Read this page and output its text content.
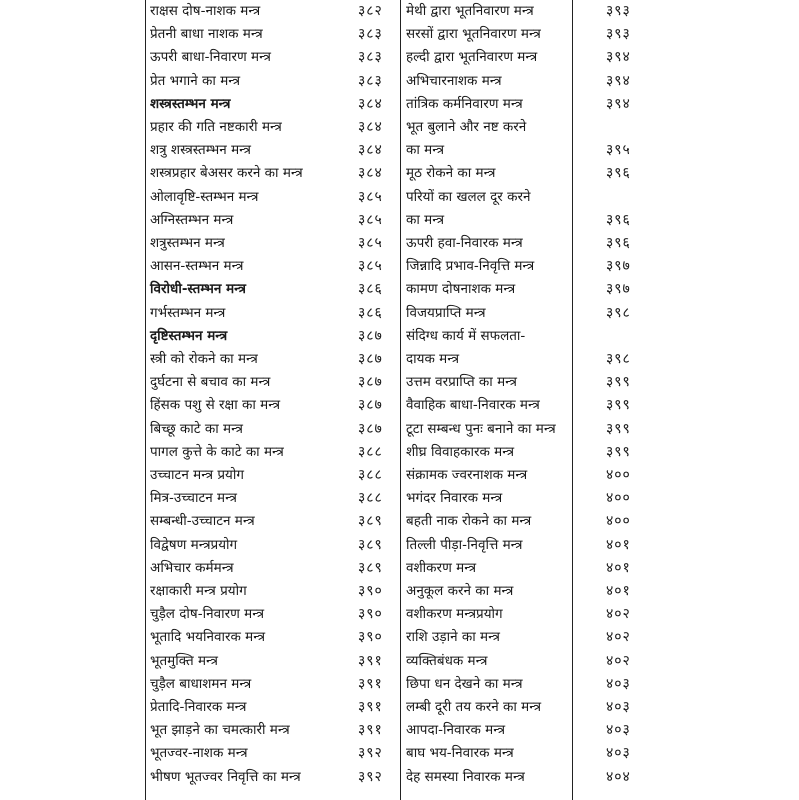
राक्षस दोष-नाशक मन्त्र	३८२
प्रेतनी बाधा नाशक मन्त्र	३८३
ऊपरी बाधा-निवारण मन्त्र	३८३
प्रेत भगाने का मन्त्र	३८३
शस्त्रस्तम्भन मन्त्र	३८४
प्रहार की गति नष्टकारी मन्त्र	३८४
शत्रु शस्त्रस्तम्भन मन्त्र	३८४
शस्त्रप्रहार बेअसर करने का मन्त्र	३८४
ओलावृष्टि-स्तम्भन मन्त्र	३८५
अग्निस्तम्भन मन्त्र	३८५
शत्रुस्तम्भन मन्त्र	३८५
आसन-स्तम्भन मन्त्र	३८५
विरोधी-स्तम्भन मन्त्र	३८६
गर्भस्तम्भन मन्त्र	३८६
दृष्टिस्तम्भन मन्त्र	३८७
स्त्री को रोकने का मन्त्र	३८७
दुर्घटना से बचाव का मन्त्र	३८७
हिंसक पशु से रक्षा का मन्त्र	३८७
बिच्छू काटे का मन्त्र	३८७
पागल कुत्ते के काटे का मन्त्र	३८८
उच्चाटन मन्त्र प्रयोग	३८८
मित्र-उच्चाटन मन्त्र	३८८
सम्बन्धी-उच्चाटन मन्त्र	३८९
विद्वेषण मन्त्रप्रयोग	३८९
अभिचार कर्ममन्त्र	३८९
रक्षाकारी मन्त्र प्रयोग	३९०
चुड़ैल दोष-निवारण मन्त्र	३९०
भूतादि भयनिवारक मन्त्र	३९०
भूतमुक्ति मन्त्र	३९१
चुड़ैल बाधाशमन मन्त्र	३९१
प्रेतादि-निवारक मन्त्र	३९१
भूत झाड़ने का चमत्कारी मन्त्र	३९१
भूतज्वर-नाशक मन्त्र	३९२
भीषण भूतज्वर निवृत्ति का मन्त्र	३९२
मेथी द्वारा भूतनिवारण मन्त्र	३९३
सरसों द्वारा भूतनिवारण मन्त्र	३९३
हल्दी द्वारा भूतनिवारण मन्त्र	३९४
अभिचारनाशक मन्त्र	३९४
तांत्रिक कर्मनिवारण मन्त्र	३९४
भूत बुलाने और नष्ट करने
का मन्त्र	३९५
मूठ रोकने का मन्त्र	३९६
परियों का खलल दूर करने
का मन्त्र	३९६
ऊपरी हवा-निवारक मन्त्र	३९६
जिन्नादि प्रभाव-निवृत्ति मन्त्र	३९७
कामण दोषनाशक मन्त्र	३९७
विजयप्राप्ति मन्त्र	३९८
संदिग्ध कार्य में सफलता-
दायक मन्त्र	३९८
उत्तम वरप्राप्ति का मन्त्र	३९९
वैवाहिक बाधा-निवारक मन्त्र	३९९
टूटा सम्बन्ध पुनः बनाने का मन्त्र	३९९
शीघ्र विवाहकारक मन्त्र	३९९
संक्रामक ज्वरनाशक मन्त्र	४००
भगंदर निवारक मन्त्र	४००
बहती नाक रोकने का मन्त्र	४००
तिल्ली पीड़ा-निवृत्ति मन्त्र	४०१
वशीकरण मन्त्र	४०१
अनुकूल करने का मन्त्र	४०१
वशीकरण मन्त्रप्रयोग	४०२
राशि उड़ाने का मन्त्र	४०२
व्यक्तिबंधक मन्त्र	४०२
छिपा धन देखने का मन्त्र	४०३
लम्बी दूरी तय करने का मन्त्र	४०३
आपदा-निवारक मन्त्र	४०३
बाघ भय-निवारक मन्त्र	४०३
देह समस्या निवारक मन्त्र	४०४
